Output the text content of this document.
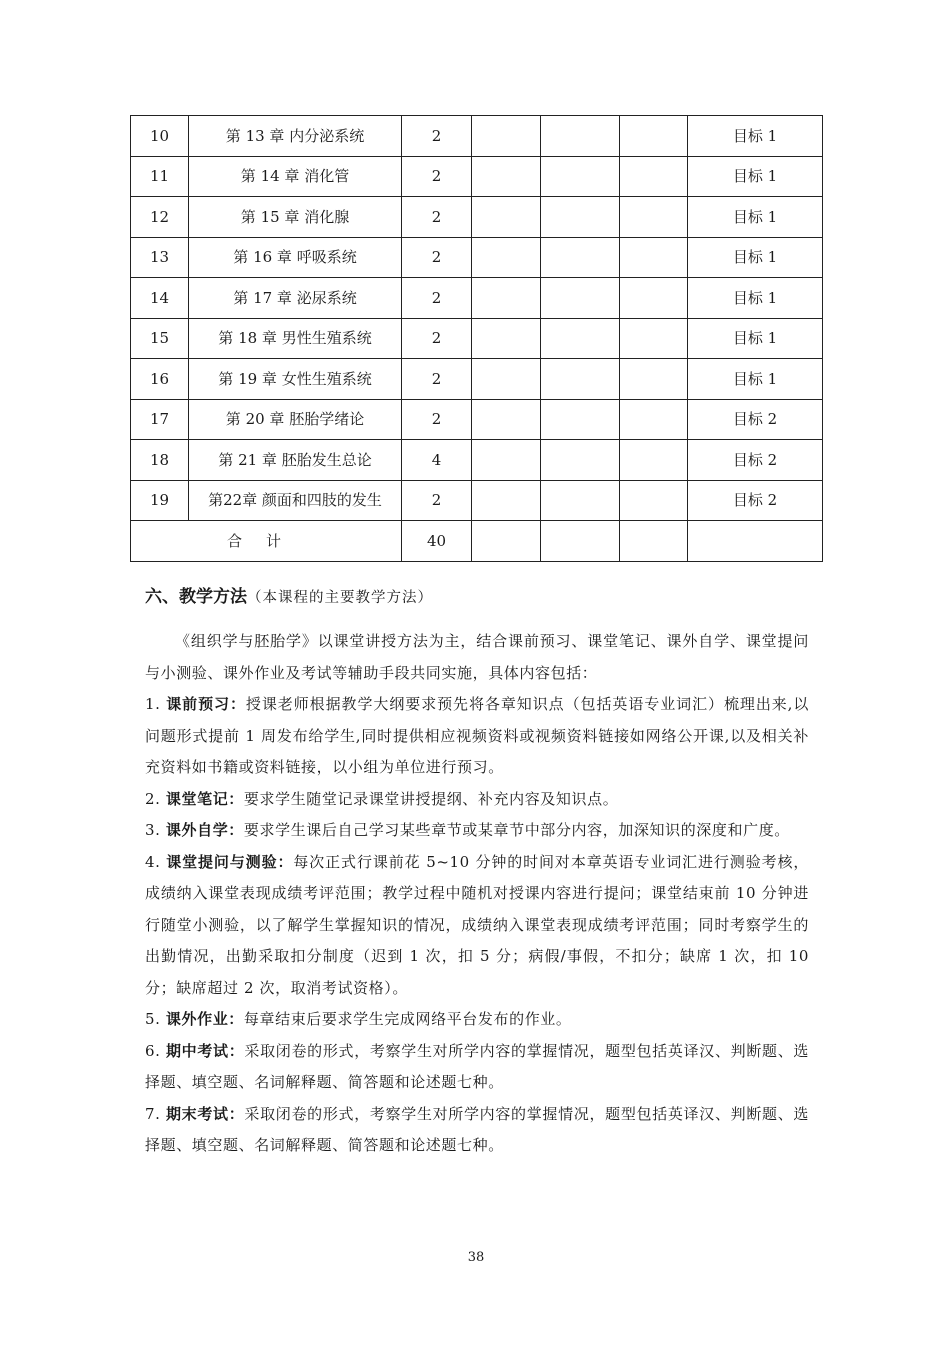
10	第 13 章 内分泌系统	2				目标 1
11	第 14 章 消化管	2				目标 1
12	第 15 章 消化腺	2				目标 1
13	第 16 章 呼吸系统	2				目标 1
14	第 17 章 泌尿系统	2				目标 1
15	第 18 章 男性生殖系统	2				目标 1
16	第 19 章 女性生殖系统	2				目标 1
17	第 20 章 胚胎学绪论	2				目标 2
18	第 21 章 胚胎发生总论	4				目标 2
19	第22章 颜面和四肢的发生	2				目标 2
合计		40				
六、教学方法（本课程的主要教学方法）

《组织学与胚胎学》以课堂讲授方法为主，结合课前预习、课堂笔记、课外自学、课堂提问与小测验、课外作业及考试等辅助手段共同实施，具体内容包括：

1. 课前预习：授课老师根据教学大纲要求预先将各章知识点（包括英语专业词汇）梳理出来,以问题形式提前 1 周发布给学生,同时提供相应视频资料或视频资料链接如网络公开课,以及相关补充资料如书籍或资料链接，以小组为单位进行预习。

2. 课堂笔记：要求学生随堂记录课堂讲授提纲、补充内容及知识点。

3. 课外自学：要求学生课后自己学习某些章节或某章节中部分内容，加深知识的深度和广度。

4. 课堂提问与测验：每次正式行课前花 5~10 分钟的时间对本章英语专业词汇进行测验考核，成绩纳入课堂表现成绩考评范围；教学过程中随机对授课内容进行提问；课堂结束前 10 分钟进行随堂小测验，以了解学生掌握知识的情况，成绩纳入课堂表现成绩考评范围；同时考察学生的出勤情况，出勤采取扣分制度（迟到 1 次，扣 5 分；病假/事假，不扣分；缺席 1 次，扣 10 分；缺席超过 2 次，取消考试资格）。

5. 课外作业：每章结束后要求学生完成网络平台发布的作业。

6. 期中考试：采取闭卷的形式，考察学生对所学内容的掌握情况，题型包括英译汉、判断题、选择题、填空题、名词解释题、简答题和论述题七种。

7. 期末考试：采取闭卷的形式，考察学生对所学内容的掌握情况，题型包括英译汉、判断题、选择题、填空题、名词解释题、简答题和论述题七种。

38
